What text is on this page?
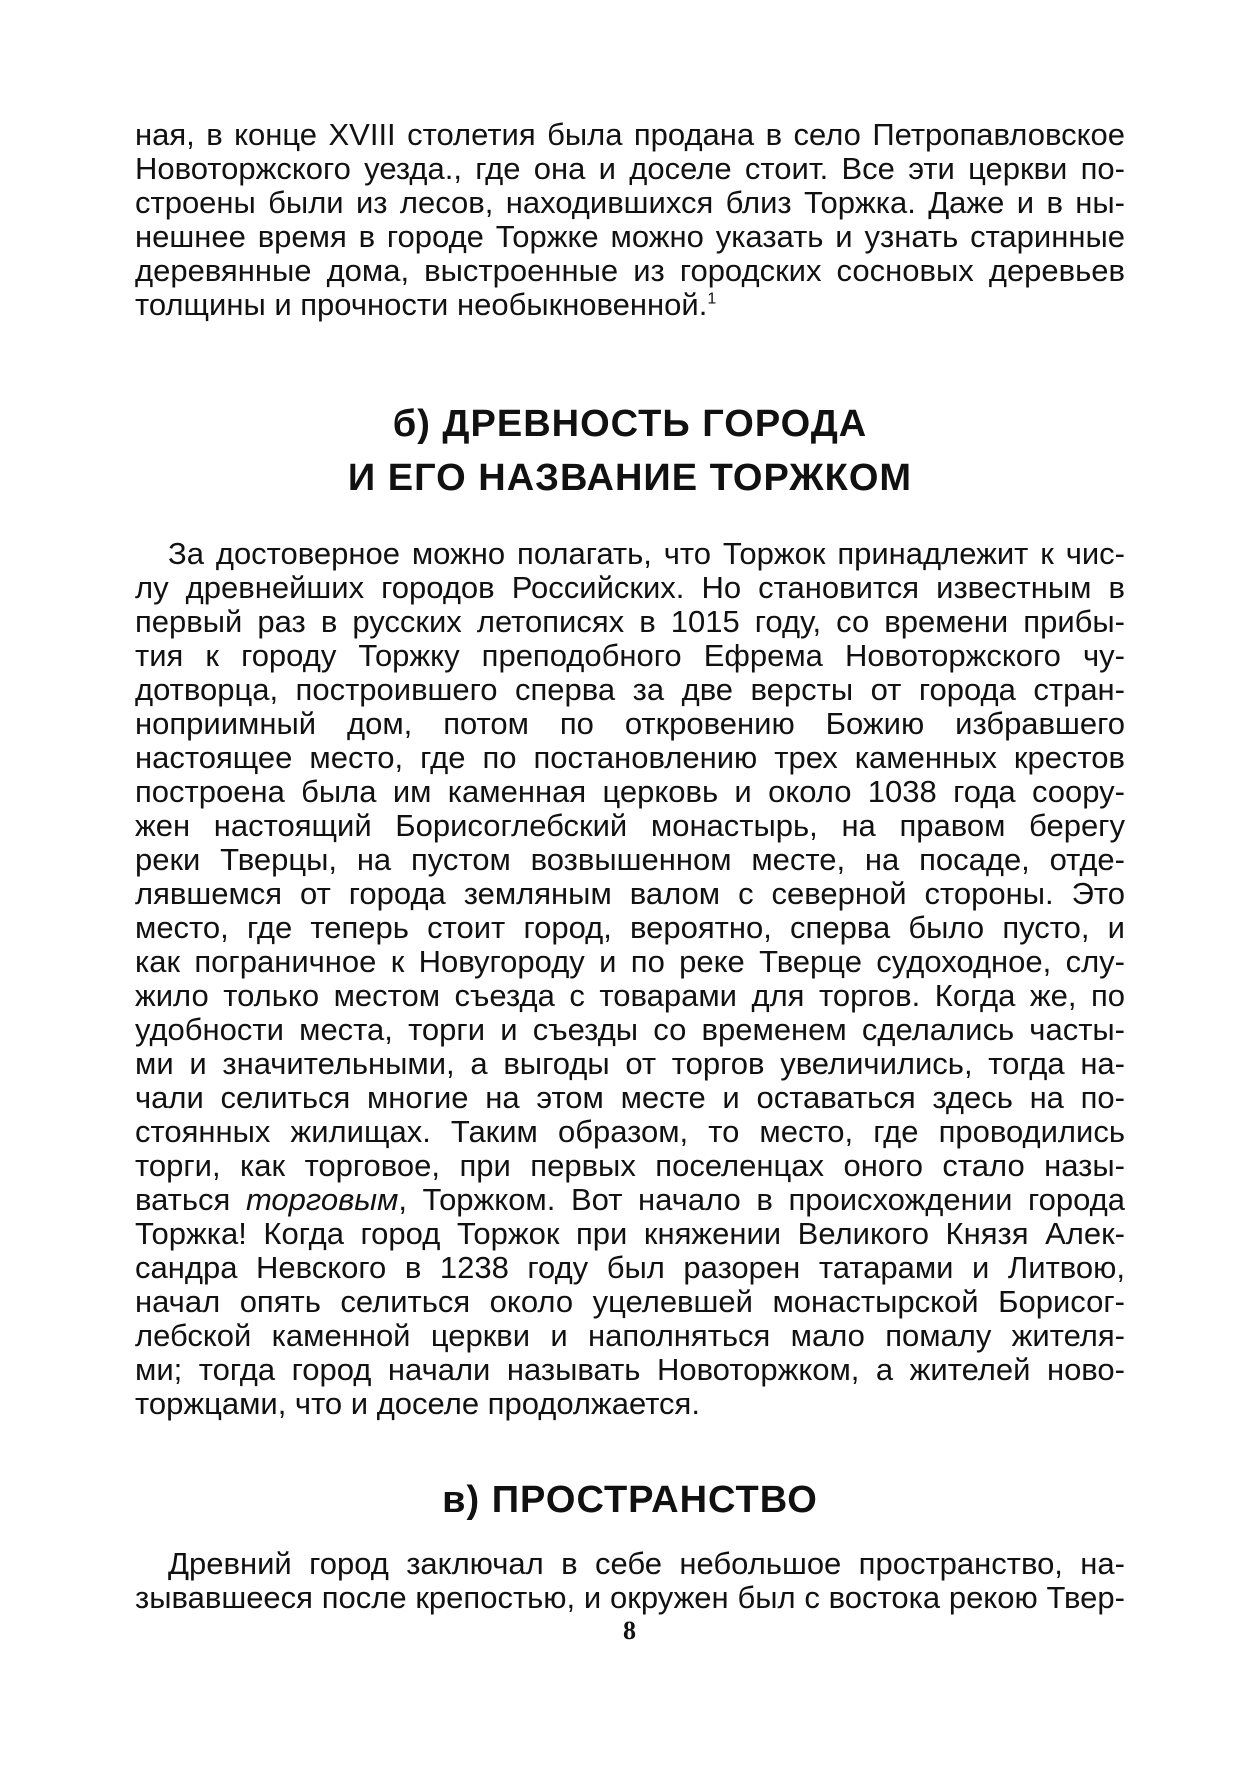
ная, в конце XVIII столетия была продана в село Петропавловское
Новоторжского уезда., где она и доселе стоит. Все эти церкви по-
строены были из лесов, находившихся близ Торжка. Даже и в ны-
нешнее время в городе Торжке можно указать и узнать старинные
деревянные дома, выстроенные из городских сосновых деревьев
толщины и прочности необыкновенной.$^1$
б) ДРЕВНОСТЬ ГОРОДА
И ЕГО НАЗВАНИЕ ТОРЖКОМ
За достоверное можно полагать, что Торжок принадлежит к чис-
лу древнейших городов Российских. Но становится известным в
первый раз в русских летописях в 1015 году, со времени прибы-
тия к городу Торжку преподобного Ефрема Новоторжского чу-
дотворца, построившего сперва за две версты от города стран-
ноприимный дом, потом по откровению Божию избравшего
настоящее место, где по постановлению трех каменных крестов
построена была им каменная церковь и около 1038 года соору-
жен настоящий Борисоглебский монастырь, на правом берегу
реки Тверцы, на пустом возвышенном месте, на посаде, отде-
лявшемся от города земляным валом с северной стороны. Это
место, где теперь стоит город, вероятно, сперва было пусто, и
как пограничное к Новугороду и по реке Тверце судоходное, слу-
жило только местом съезда с товарами для торгов. Когда же, по
удобности места, торги и съезды со временем сделались часты-
ми и значительными, а выгоды от торгов увеличились, тогда на-
чали селиться многие на этом месте и оставаться здесь на по-
стоянных жилищах. Таким образом, то место, где проводились
торги, как торговое, при первых поселенцах оного стало назы-
ваться торговым, Торжком. Вот начало в происхождении города
Торжка! Когда город Торжок при княжении Великого Князя Алек-
сандра Невского в 1238 году был разорен татарами и Литвою,
начал опять селиться около уцелевшей монастырской Борисог-
лебской каменной церкви и наполняться мало помалу жителя-
ми; тогда город начали называть Новоторжком, а жителей ново-
торжцами, что и доселе продолжается.
в) ПРОСТРАНСТВО
Древний город заключал в себе небольшое пространство, на-
зывавшееся после крепостью, и окружен был с востока рекою Твер-
8
